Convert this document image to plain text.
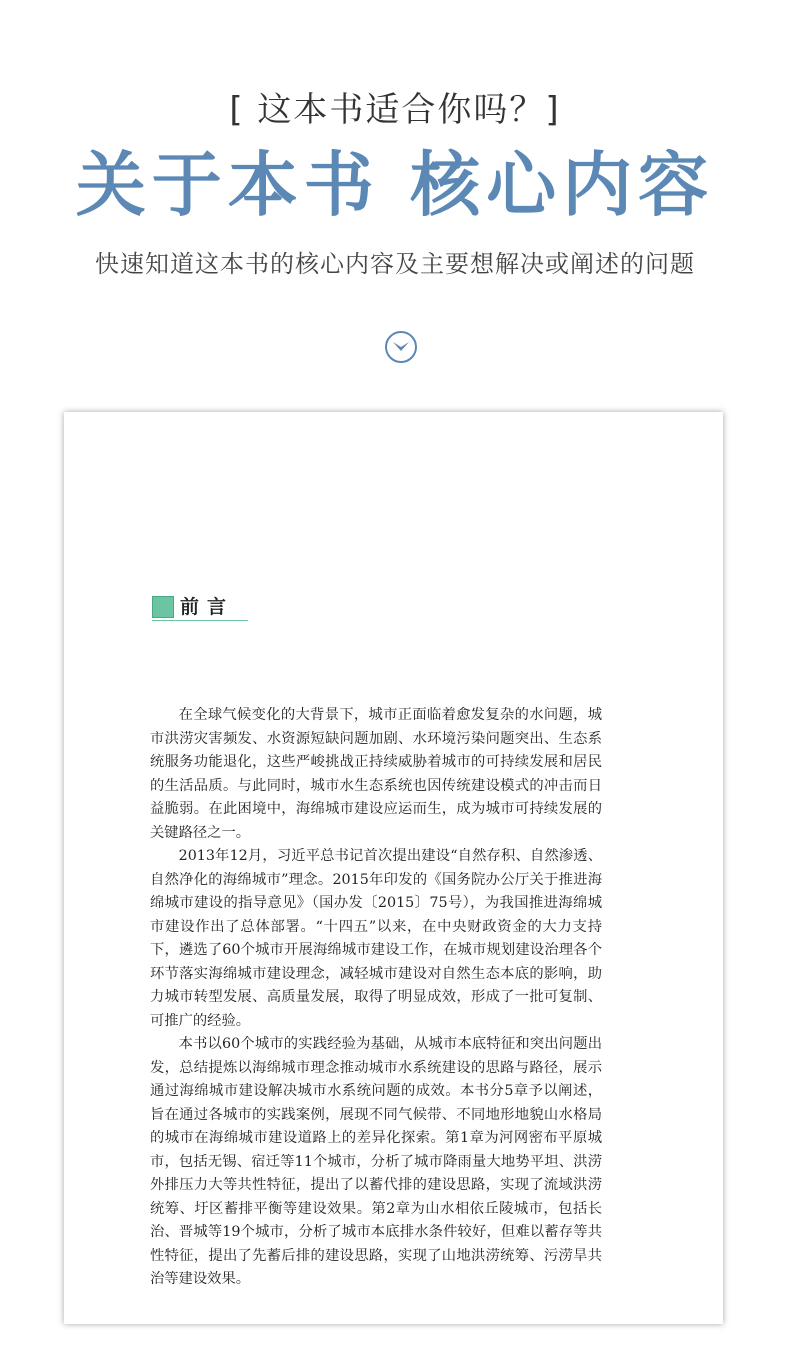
[ 这本书适合你吗？]
关于本书 核心内容
快速知道这本书的核心内容及主要想解决或阐述的问题
前言

在全球气候变化的大背景下，城市正面临着愈发复杂的水问题，城市洪涝灾害频发、水资源短缺问题加剧、水环境污染问题突出、生态系统服务功能退化，这些严峻挑战正持续威胁着城市的可持续发展和居民的生活品质。与此同时，城市水生态系统也因传统建设模式的冲击而日益脆弱。在此困境中，海绵城市建设应运而生，成为城市可持续发展的关键路径之一。

2013年12月，习近平总书记首次提出建设“自然存积、自然渗透、自然净化的海绵城市”理念。2015年印发的《国务院办公厅关于推进海绵城市建设的指导意见》（国办发〔2015〕75号），为我国推进海绵城市建设作出了总体部署。“十四五”以来，在中央财政资金的大力支持下，遴选了60个城市开展海绵城市建设工作，在城市规划建设治理各个环节落实海绵城市建设理念，减轻城市建设对自然生态本底的影响，助力城市转型发展、高质量发展，取得了明显成效，形成了一批可复制、可推广的经验。

本书以60个城市的实践经验为基础，从城市本底特征和突出问题出发，总结提炼以海绵城市理念推动城市水系统建设的思路与路径，展示通过海绵城市建设解决城市水系统问题的成效。本书分5章予以阐述，旨在通过各城市的实践案例，展现不同气候带、不同地形地貌山水格局的城市在海绵城市建设道路上的差异化探索。第1章为河网密布平原城市，包括无锡、宿迁等11个城市，分析了城市降雨量大地势平坦、洪涝外排压力大等共性特征，提出了以蓄代排的建设思路，实现了流域洪涝统筹、圩区蓄排平衡等建设效果。第2章为山水相依丘陵城市，包括长治、晋城等19个城市，分析了城市本底排水条件较好，但难以蓄存等共性特征，提出了先蓄后排的建设思路，实现了山地洪涝统筹、污涝旱共治等建设效果。
